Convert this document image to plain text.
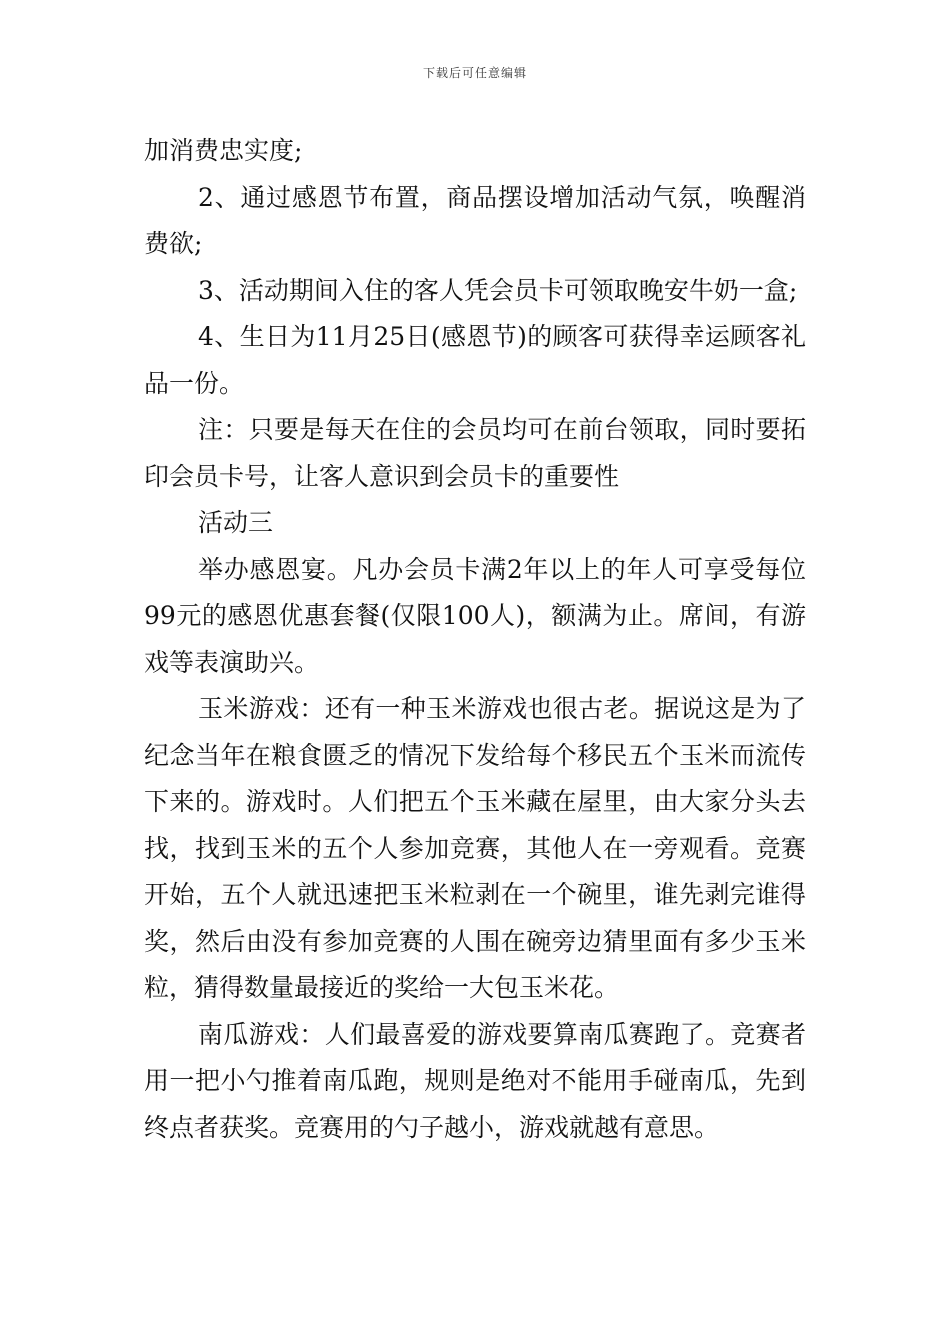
下载后可任意编辑

加消费忠实度;

2、通过感恩节布置，商品摆设增加活动气氛，唤醒消费欲;

3、活动期间入住的客人凭会员卡可领取晚安牛奶一盒;

4、生日为11月25日(感恩节)的顾客可获得幸运顾客礼品一份。

注：只要是每天在住的会员均可在前台领取，同时要拓印会员卡号，让客人意识到会员卡的重要性

活动三

举办感恩宴。凡办会员卡满2年以上的年人可享受每位99元的感恩优惠套餐(仅限100人)，额满为止。席间，有游戏等表演助兴。

玉米游戏：还有一种玉米游戏也很古老。据说这是为了纪念当年在粮食匮乏的情况下发给每个移民五个玉米而流传下来的。游戏时。人们把五个玉米藏在屋里，由大家分头去找，找到玉米的五个人参加竞赛，其他人在一旁观看。竞赛开始，五个人就迅速把玉米粒剥在一个碗里，谁先剥完谁得奖，然后由没有参加竞赛的人围在碗旁边猜里面有多少玉米粒，猜得数量最接近的奖给一大包玉米花。

南瓜游戏：人们最喜爱的游戏要算南瓜赛跑了。竞赛者用一把小勺推着南瓜跑，规则是绝对不能用手碰南瓜，先到终点者获奖。竞赛用的勺子越小，游戏就越有意思。
